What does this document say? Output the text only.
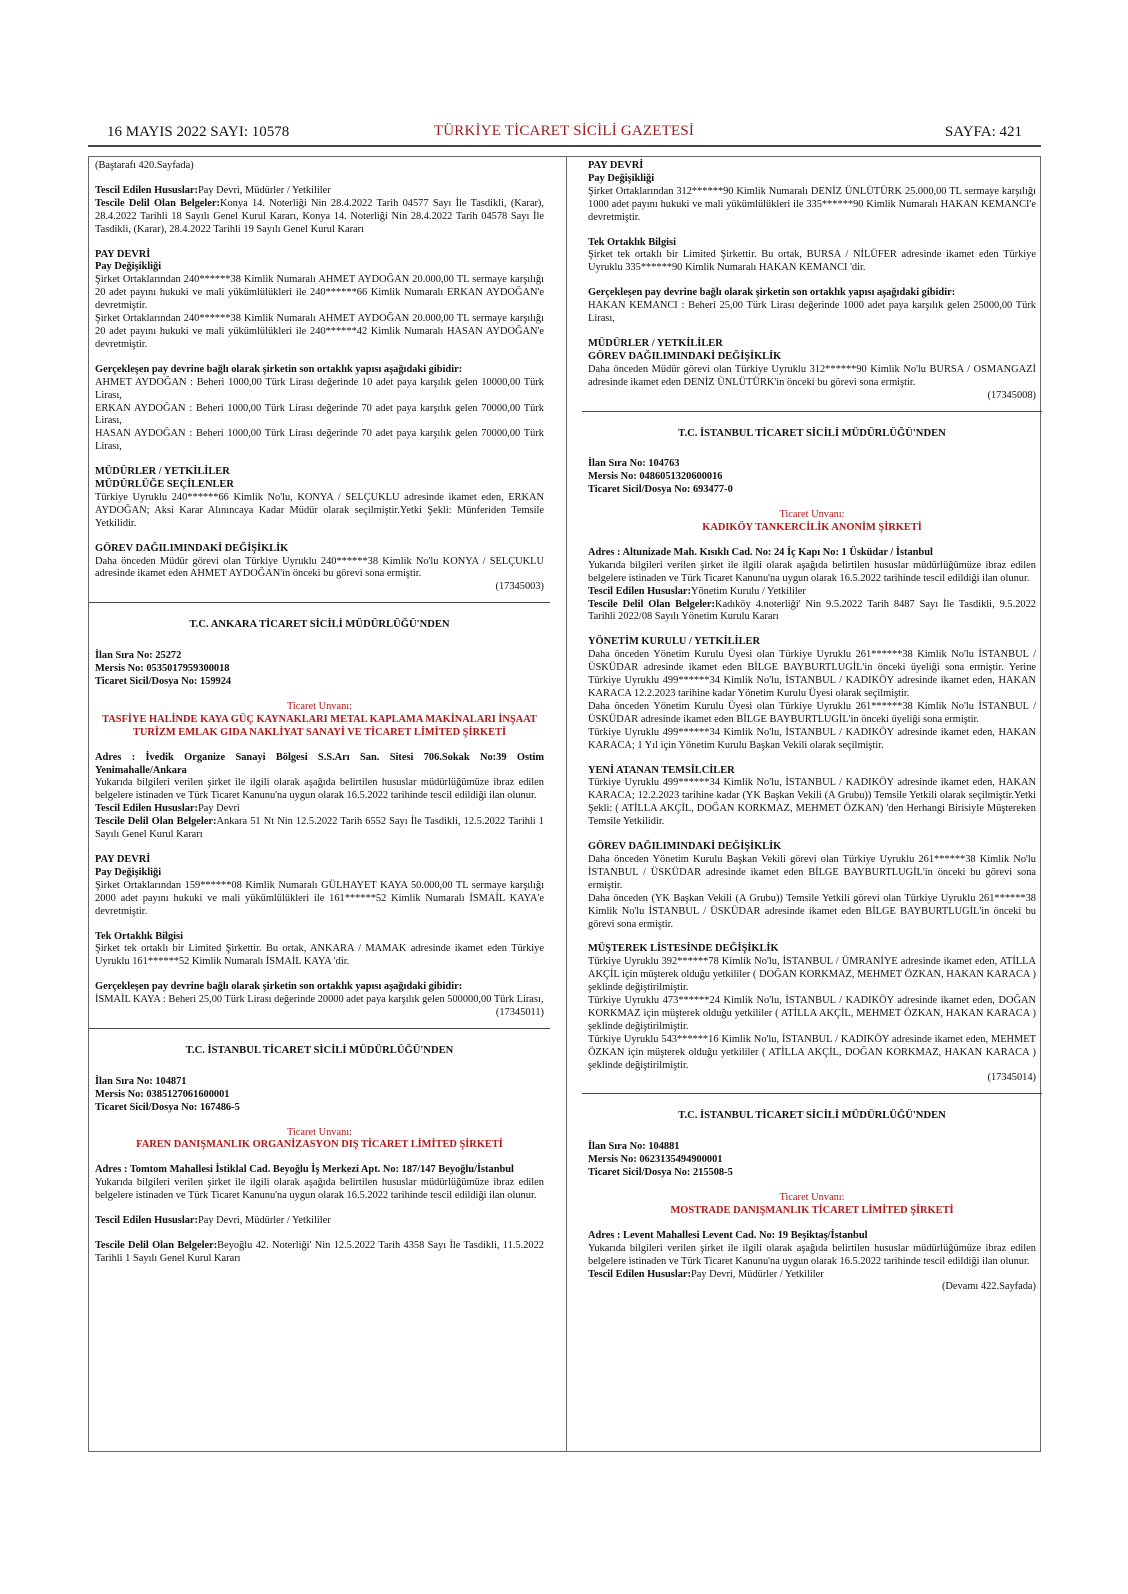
16 MAYIS 2022 SAYI: 10578	TÜRKİYE TİCARET SİCİLİ GAZETESİ	SAYFA: 421

(Baştarafı 420.Sayfada)

Tescil Edilen Hususlar:Pay Devri, Müdürler / Yetkililer

Tescile Delil Olan Belgeler:Konya 14. Noterliği Nin 28.4.2022 Tarih 04577 Sayı İle Tasdikli, (Karar), 28.4.2022 Tarihli 18 Sayılı Genel Kurul Kararı, Konya 14. Noterliği Nin 28.4.2022 Tarih 04578 Sayı İle Tasdikli, (Karar), 28.4.2022 Tarihli 19 Sayılı Genel Kurul Kararı

PAY DEVRİ

Pay Değişikliği

Şirket Ortaklarından 240******38 Kimlik Numaralı AHMET AYDOĞAN 20.000,00 TL sermaye karşılığı 20 adet payını hukuki ve mali yükümlülükleri ile 240******66 Kimlik Numaralı ERKAN AYDOĞAN'e devretmiştir.

Şirket Ortaklarından 240******38 Kimlik Numaralı AHMET AYDOĞAN 20.000,00 TL sermaye karşılığı 20 adet payını hukuki ve mali yükümlülükleri ile 240******42 Kimlik Numaralı HASAN AYDOĞAN'e devretmiştir.

Gerçekleşen pay devrine bağlı olarak şirketin son ortaklık yapısı aşağıdaki gibidir:

AHMET AYDOĞAN : Beheri 1000,00 Türk Lirası değerinde 10 adet paya karşılık gelen 10000,00 Türk Lirası,

ERKAN AYDOĞAN : Beheri 1000,00 Türk Lirası değerinde 70 adet paya karşılık gelen 70000,00 Türk Lirası,

HASAN AYDOĞAN : Beheri 1000,00 Türk Lirası değerinde 70 adet paya karşılık gelen 70000,00 Türk Lirası,

MÜDÜRLER / YETKİLİLER

MÜDÜRLÜĞE SEÇİLENLER

Türkiye Uyruklu 240******66 Kimlik No'lu, KONYA / SELÇUKLU adresinde ikamet eden, ERKAN AYDOĞAN; Aksi Karar Alınıncaya Kadar Müdür olarak seçilmiştir.Yetki Şekli: Münferiden Temsile Yetkilidir.

GÖREV DAĞILIMINDAKİ DEĞİŞİKLİK

Daha önceden Müdür görevi olan Türkiye Uyruklu 240******38 Kimlik No'lu KONYA / SELÇUKLU adresinde ikamet eden AHMET AYDOĞAN'in önceki bu görevi sona ermiştir.

(17345003)

T.C. ANKARA TİCARET SİCİLİ MÜDÜRLÜĞÜ'NDEN

İlan Sıra No: 25272

Mersis No: 0535017959300018

Ticaret Sicil/Dosya No: 159924

Ticaret Unvanı:

TASFİYE HALİNDE KAYA GÜÇ KAYNAKLARI METAL KAPLAMA MAKİNALARI İNŞAAT TURİZM EMLAK GIDA NAKLİYAT SANAYİ VE TİCARET LİMİTED ŞİRKETİ

Adres : İvedik Organize Sanayi Bölgesi S.S.Arı San. Sitesi 706.Sokak No:39 Ostim Yenimahalle/Ankara

Yukarıda bilgileri verilen şirket ile ilgili olarak aşağıda belirtilen hususlar müdürlüğümüze ibraz edilen belgelere istinaden ve Türk Ticaret Kanunu'na uygun olarak 16.5.2022 tarihinde tescil edildiği ilan olunur.

Tescil Edilen Hususlar:Pay Devri

Tescile Delil Olan Belgeler:Ankara 51 Nt Nin 12.5.2022 Tarih 6552 Sayı İle Tasdikli, 12.5.2022 Tarihli 1 Sayılı Genel Kurul Kararı

PAY DEVRİ

Pay Değişikliği

Şirket Ortaklarından 159******08 Kimlik Numaralı GÜLHAYET KAYA 50.000,00 TL sermaye karşılığı 2000 adet payını hukuki ve mali yükümlülükleri ile 161******52 Kimlik Numaralı İSMAİL KAYA'e devretmiştir.

Tek Ortaklık Bilgisi

Şirket tek ortaklı bir Limited Şirkettir. Bu ortak, ANKARA / MAMAK adresinde ikamet eden Türkiye Uyruklu 161******52 Kimlik Numaralı İSMAİL KAYA 'dir.

Gerçekleşen pay devrine bağlı olarak şirketin son ortaklık yapısı aşağıdaki gibidir:

İSMAİL KAYA : Beheri 25,00 Türk Lirası değerinde 20000 adet paya karşılık gelen 500000,00 Türk Lirası,

(17345011)

T.C. İSTANBUL TİCARET SİCİLİ MÜDÜRLÜĞÜ'NDEN

İlan Sıra No: 104871

Mersis No: 0385127061600001

Ticaret Sicil/Dosya No: 167486-5

Ticaret Unvanı:

FAREN DANIŞMANLIK ORGANİZASYON DIŞ TİCARET LİMİTED ŞİRKETİ

Adres : Tomtom Mahallesi İstiklal Cad. Beyoğlu İş Merkezi Apt. No: 187/147 Beyoğlu/İstanbul

Yukarıda bilgileri verilen şirket ile ilgili olarak aşağıda belirtilen hususlar müdürlüğümüze ibraz edilen belgelere istinaden ve Türk Ticaret Kanunu'na uygun olarak 16.5.2022 tarihinde tescil edildiği ilan olunur.

Tescil Edilen Hususlar:Pay Devri, Müdürler / Yetkililer

Tescile Delil Olan Belgeler:Beyoğlu 42. Noterliği' Nin 12.5.2022 Tarih 4358 Sayı İle Tasdikli, 11.5.2022 Tarihli 1 Sayılı Genel Kurul Kararı

PAY DEVRİ

Pay Değişikliği

Şirket Ortaklarından 312******90 Kimlik Numaralı DENİZ ÜNLÜTÜRK 25.000,00 TL sermaye karşılığı 1000 adet payını hukuki ve mali yükümlülükleri ile 335******90 Kimlik Numaralı HAKAN KEMANCI'e devretmiştir.

Tek Ortaklık Bilgisi

Şirket tek ortaklı bir Limited Şirkettir. Bu ortak, BURSA / NİLÜFER adresinde ikamet eden Türkiye Uyruklu 335******90 Kimlik Numaralı HAKAN KEMANCI 'dir.

Gerçekleşen pay devrine bağlı olarak şirketin son ortaklık yapısı aşağıdaki gibidir:

HAKAN KEMANCI : Beheri 25,00 Türk Lirası değerinde 1000 adet paya karşılık gelen 25000,00 Türk Lirası,

MÜDÜRLER / YETKİLİLER

GÖREV DAĞILIMINDAKİ DEĞİŞİKLİK

Daha önceden Müdür görevi olan Türkiye Uyruklu 312******90 Kimlik No'lu BURSA / OSMANGAZİ adresinde ikamet eden DENİZ ÜNLÜTÜRK'in önceki bu görevi sona ermiştir.

(17345008)

T.C. İSTANBUL TİCARET SİCİLİ MÜDÜRLÜĞÜ'NDEN

İlan Sıra No: 104763

Mersis No: 0486051320600016

Ticaret Sicil/Dosya No: 693477-0

Ticaret Unvanı:

KADIKÖY TANKERCİLİK ANONİM ŞİRKETİ

Adres : Altunizade Mah. Kısıklı Cad. No: 24 İç Kapı No: 1 Üsküdar / İstanbul

Yukarıda bilgileri verilen şirket ile ilgili olarak aşağıda belirtilen hususlar müdürlüğümüze ibraz edilen belgelere istinaden ve Türk Ticaret Kanunu'na uygun olarak 16.5.2022 tarihinde tescil edildiği ilan olunur.

Tescil Edilen Hususlar:Yönetim Kurulu / Yetkililer

Tescile Delil Olan Belgeler:Kadıköy 4.noterliği' Nin 9.5.2022 Tarih 8487 Sayı İle Tasdikli, 9.5.2022 Tarihli 2022/08 Sayılı Yönetim Kurulu Kararı

YÖNETİM KURULU / YETKİLİLER

Daha önceden Yönetim Kurulu Üyesi olan Türkiye Uyruklu 261******38 Kimlik No'lu İSTANBUL / ÜSKÜDAR adresinde ikamet eden BİLGE BAYBURTLUGİL'in önceki üyeliği sona ermiştir. Yerine Türkiye Uyruklu 499******34 Kimlik No'lu, İSTANBUL / KADIKÖY adresinde ikamet eden, HAKAN KARACA 12.2.2023 tarihine kadar Yönetim Kurulu Üyesi olarak seçilmiştir.

Daha önceden Yönetim Kurulu Üyesi olan Türkiye Uyruklu 261******38 Kimlik No'lu İSTANBUL / ÜSKÜDAR adresinde ikamet eden BİLGE BAYBURTLUGİL'in önceki üyeliği sona ermiştir.

Türkiye Uyruklu 499******34 Kimlik No'lu, İSTANBUL / KADIKÖY adresinde ikamet eden, HAKAN KARACA; 1 Yıl için Yönetim Kurulu Başkan Vekili olarak seçilmiştir.

YENİ ATANAN TEMSİLCİLER

Türkiye Uyruklu 499******34 Kimlik No'lu, İSTANBUL / KADIKÖY adresinde ikamet eden, HAKAN KARACA; 12.2.2023 tarihine kadar (YK Başkan Vekili (A Grubu)) Temsile Yetkili olarak seçilmiştir.Yetki Şekli: ( ATİLLA AKÇİL, DOĞAN KORKMAZ, MEHMET ÖZKAN) 'den Herhangi Birisiyle Müştereken Temsile Yetkilidir.

GÖREV DAĞILIMINDAKİ DEĞİŞİKLİK

Daha önceden Yönetim Kurulu Başkan Vekili görevi olan Türkiye Uyruklu 261******38 Kimlik No'lu İSTANBUL / ÜSKÜDAR adresinde ikamet eden BİLGE BAYBURTLUGİL'in önceki bu görevi sona ermiştir.

Daha önceden (YK Başkan Vekili (A Grubu)) Temsile Yetkili görevi olan Türkiye Uyruklu 261******38 Kimlik No'lu İSTANBUL / ÜSKÜDAR adresinde ikamet eden BİLGE BAYBURTLUGİL'in önceki bu görevi sona ermiştir.

MÜŞTEREK LİSTESİNDE DEĞİŞİKLİK

Türkiye Uyruklu 392******78 Kimlik No'lu, İSTANBUL / ÜMRANİYE adresinde ikamet eden, ATİLLA AKÇİL için müşterek olduğu yetkililer ( DOĞAN KORKMAZ, MEHMET ÖZKAN, HAKAN KARACA ) şeklinde değiştirilmiştir.

Türkiye Uyruklu 473******24 Kimlik No'lu, İSTANBUL / KADIKÖY adresinde ikamet eden, DOĞAN KORKMAZ için müşterek olduğu yetkililer ( ATİLLA AKÇİL, MEHMET ÖZKAN, HAKAN KARACA ) şeklinde değiştirilmiştir.

Türkiye Uyruklu 543******16 Kimlik No'lu, İSTANBUL / KADIKÖY adresinde ikamet eden, MEHMET ÖZKAN için müşterek olduğu yetkililer ( ATİLLA AKÇİL, DOĞAN KORKMAZ, HAKAN KARACA ) şeklinde değiştirilmiştir.

(17345014)

T.C. İSTANBUL TİCARET SİCİLİ MÜDÜRLÜĞÜ'NDEN

İlan Sıra No: 104881

Mersis No: 0623135494900001

Ticaret Sicil/Dosya No: 215508-5

Ticaret Unvanı:

MOSTRADE DANIŞMANLIK TİCARET LİMİTED ŞİRKETİ

Adres : Levent Mahallesi Levent Cad. No: 19 Beşiktaş/İstanbul

Yukarıda bilgileri verilen şirket ile ilgili olarak aşağıda belirtilen hususlar müdürlüğümüze ibraz edilen belgelere istinaden ve Türk Ticaret Kanunu'na uygun olarak 16.5.2022 tarihinde tescil edildiği ilan olunur.

Tescil Edilen Hususlar:Pay Devri, Müdürler / Yetkililer

(Devamı 422.Sayfada)
